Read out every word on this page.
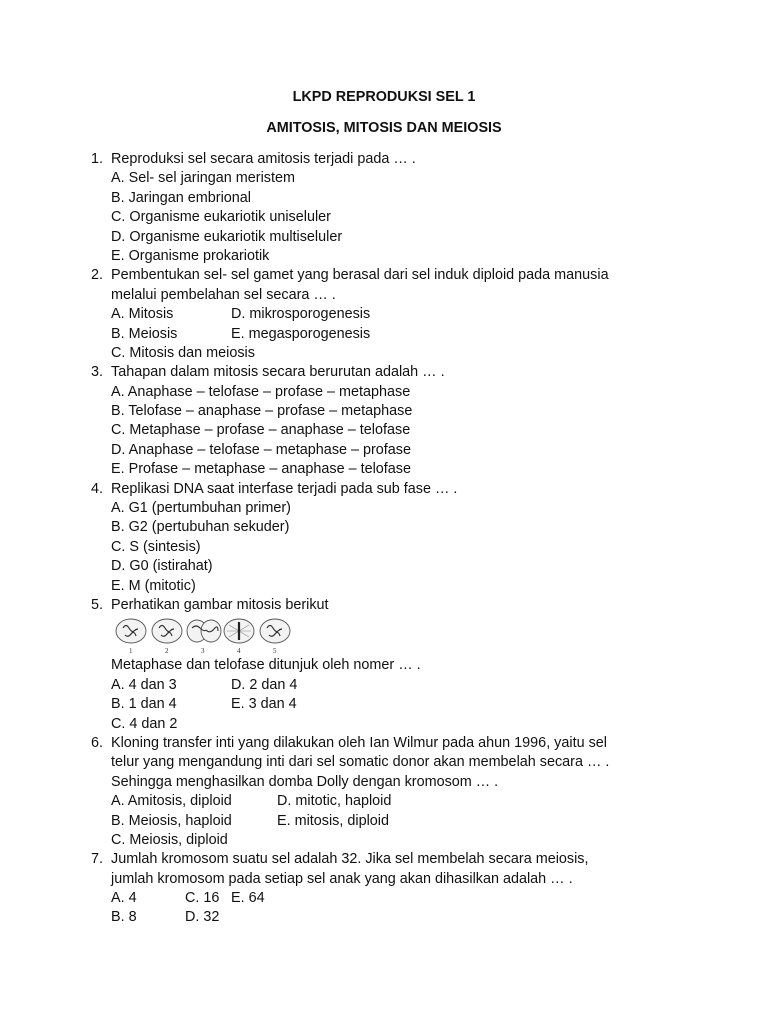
LKPD REPRODUKSI SEL 1
AMITOSIS, MITOSIS DAN MEIOSIS
1. Reproduksi sel secara amitosis terjadi pada … .
A. Sel- sel jaringan meristem
B. Jaringan embrional
C. Organisme eukariotik uniseluler
D. Organisme eukariotik multiseluler
E. Organisme prokariotik
2. Pembentukan sel- sel gamet yang berasal dari sel induk diploid pada manusia
melalui pembelahan sel secara … .
A. Mitosis	D. mikrosporogenesis
B. Meiosis	E. megasporogenesis
C. Mitosis dan meiosis
3. Tahapan dalam mitosis secara berurutan adalah … .
A. Anaphase – telofase – profase – metaphase
B. Telofase – anaphase – profase – metaphase
C. Metaphase – profase – anaphase – telofase
D. Anaphase – telofase – metaphase – profase
E. Profase – metaphase – anaphase – telofase
4. Replikasi DNA saat interfase terjadi pada sub fase … .
A. G1 (pertumbuhan primer)
B. G2 (pertubuhan sekuder)
C. S (sintesis)
D. G0 (istirahat)
E. M (mitotic)
5. Perhatikan gambar mitosis berikut
1	2	3	4	5
Metaphase dan telofase ditunjuk oleh nomer … .
A. 4 dan 3	D. 2 dan 4
B. 1 dan 4	E. 3 dan 4
C. 4 dan 2
6. Kloning transfer inti yang dilakukan oleh Ian Wilmur pada ahun 1996, yaitu sel
telur yang mengandung inti dari sel somatic donor akan membelah secara … .
Sehingga menghasilkan domba Dolly dengan kromosom … .
A. Amitosis, diploid	D. mitotic, haploid
B. Meiosis, haploid	E. mitosis, diploid
C. Meiosis, diploid
7. Jumlah kromosom suatu sel adalah 32. Jika sel membelah secara meiosis,
jumlah kromosom pada setiap sel anak yang akan dihasilkan adalah … .
A. 4	C. 16 E. 64
B. 8	D. 32
